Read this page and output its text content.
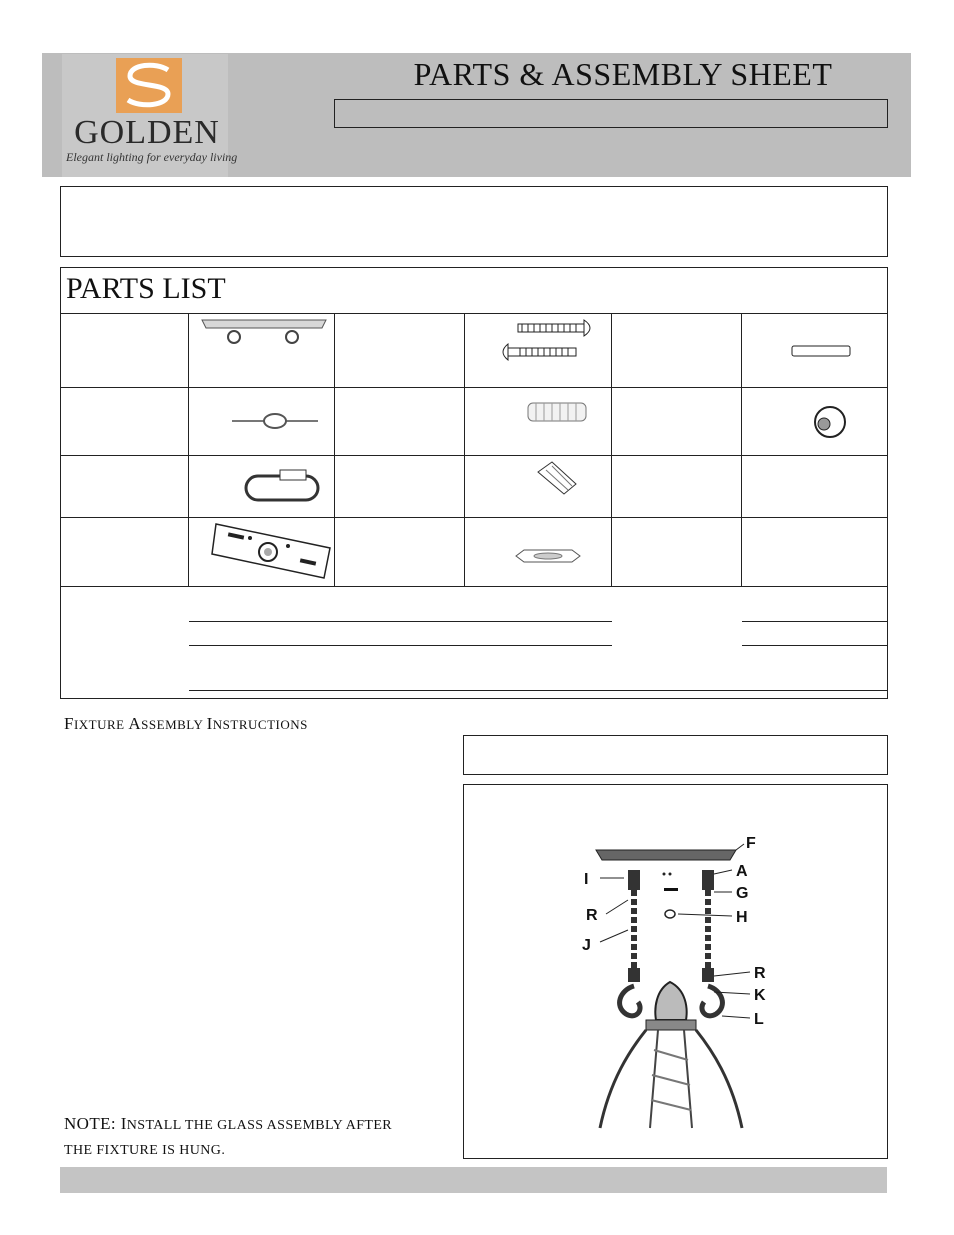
GOLDEN
Elegant lighting for everyday living
PARTS & ASSEMBLY SHEET
PARTS LIST
FIXTURE ASSEMBLY INSTRUCTIONS
NOTE: INSTALL THE GLASS ASSEMBLY AFTER THE FIXTURE IS HUNG.
F
A
I
G
R	H
J
R
K
L
